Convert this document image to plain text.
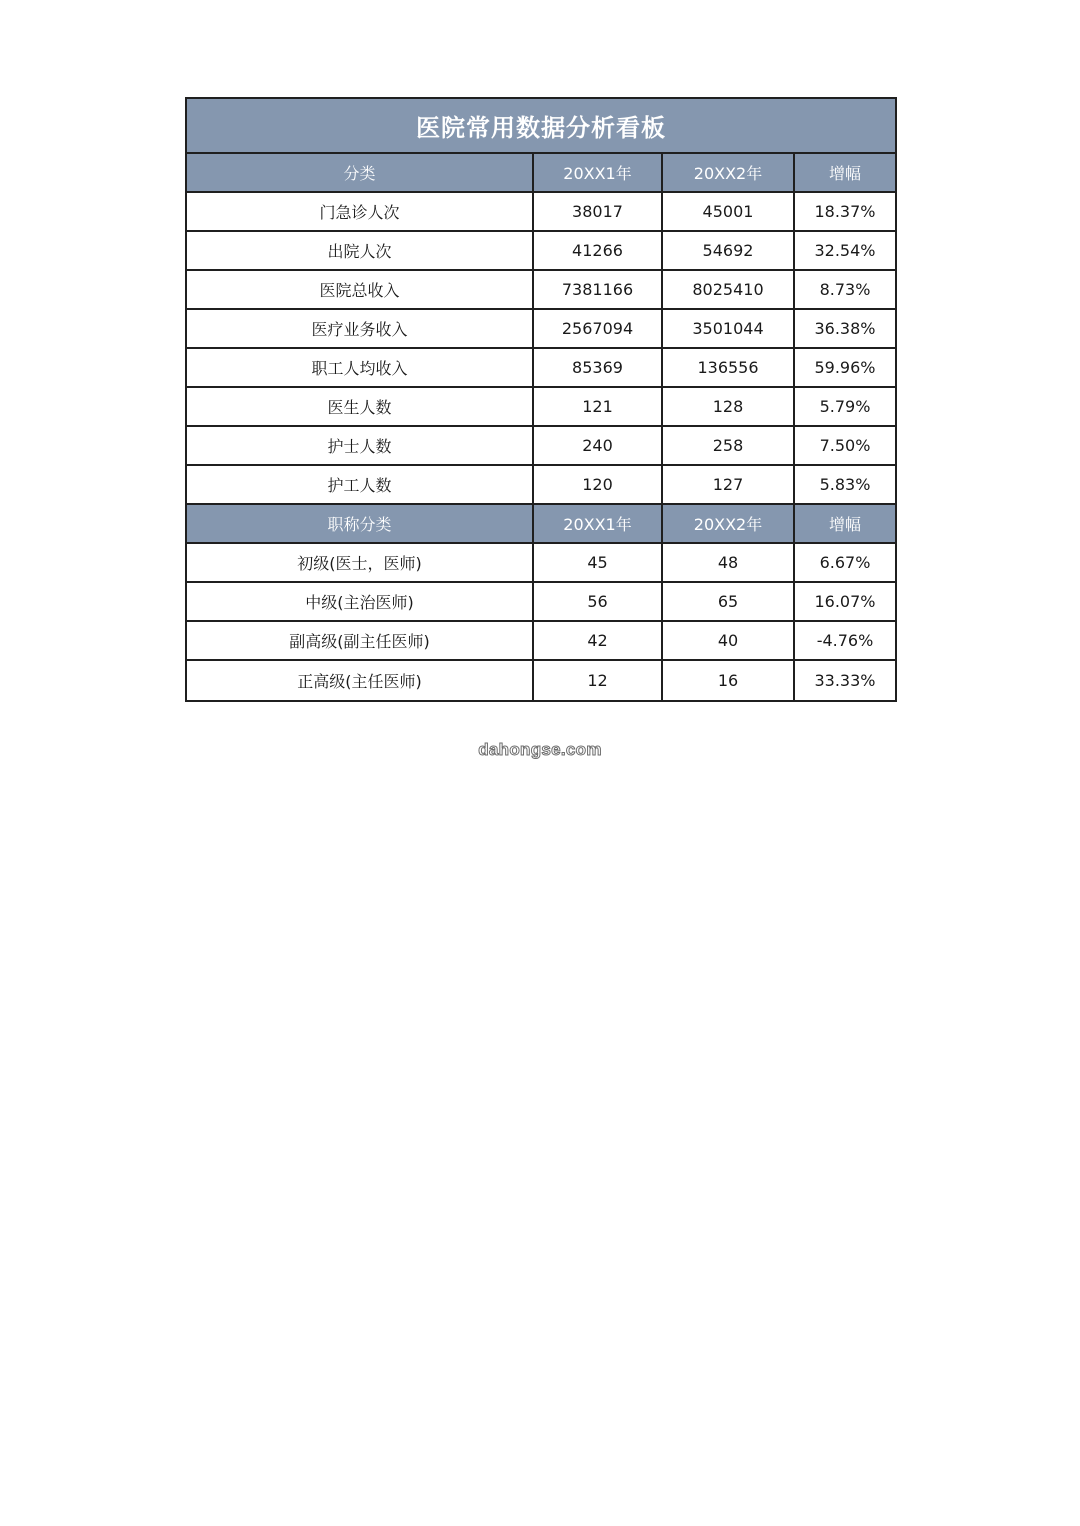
医院常用数据分析看板
分类	20XX1年	20XX2年	增幅
门急诊人次	38017	45001	18.37%
出院人次	41266	54692	32.54%
医院总收入	7381166	8025410	8.73%
医疗业务收入	2567094	3501044	36.38%
职工人均收入	85369	136556	59.96%
医生人数	121	128	5.79%
护士人数	240	258	7.50%
护工人数	120	127	5.83%
职称分类	20XX1年	20XX2年	增幅
初级(医士，医师)	45	48	6.67%
中级(主治医师)	56	65	16.07%
副高级(副主任医师)	42	40	-4.76%
正高级(主任医师)	12	16	33.33%
dahongse.com
